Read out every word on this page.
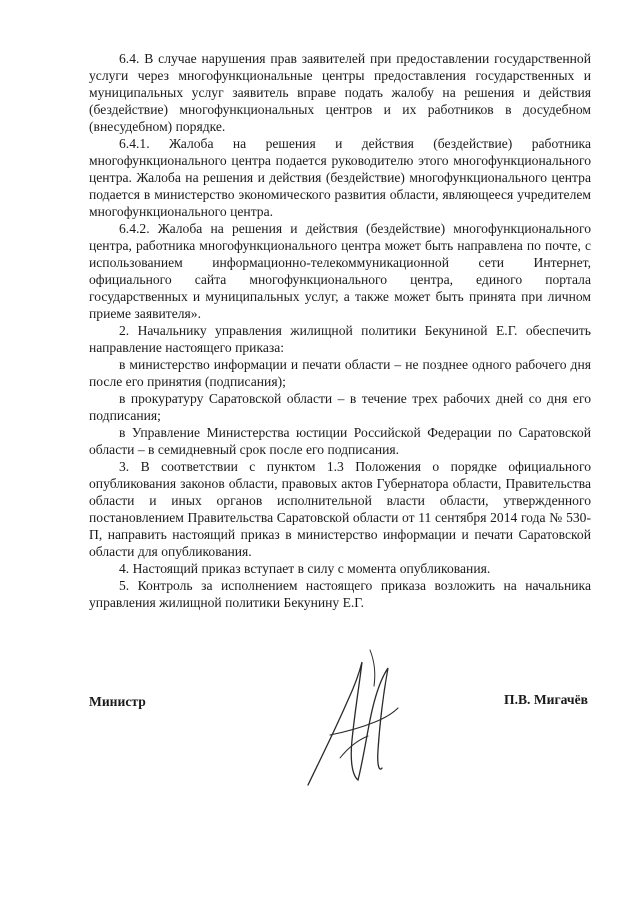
6.4. В случае нарушения прав заявителей при предоставлении государственной услуги через многофункциональные центры предоставления государственных и муниципальных услуг заявитель вправе подать жалобу на решения и действия (бездействие) многофункциональных центров и их работников в досудебном (внесудебном) порядке.

6.4.1. Жалоба на решения и действия (бездействие) работника многофункционального центра подается руководителю этого многофункционального центра. Жалоба на решения и действия (бездействие) многофункционального центра подается в министерство экономического развития области, являющееся учредителем многофункционального центра.

6.4.2. Жалоба на решения и действия (бездействие) многофункционального центра, работника многофункционального центра может быть направлена по почте, с использованием информационно-телекоммуникационной сети Интернет, официального сайта многофункционального центра, единого портала государственных и муниципальных услуг, а также может быть принята при личном приеме заявителя».

2. Начальнику управления жилищной политики Бекуниной Е.Г. обеспечить направление настоящего приказа:

в министерство информации и печати области – не позднее одного рабочего дня после его принятия (подписания);

в прокуратуру Саратовской области – в течение трех рабочих дней со дня его подписания;

в Управление Министерства юстиции Российской Федерации по Саратовской области – в семидневный срок после его подписания.

3. В соответствии с пунктом 1.3 Положения о порядке официального опубликования законов области, правовых актов Губернатора области, Правительства области и иных органов исполнительной власти области, утвержденного постановлением Правительства Саратовской области от 11 сентября 2014 года № 530-П, направить настоящий приказ в министерство информации и печати Саратовской области для опубликования.

4. Настоящий приказ вступает в силу с момента опубликования.

5. Контроль за исполнением настоящего приказа возложить на начальника управления жилищной политики Бекунину Е.Г.

Министр	П.В. Мигачёв
